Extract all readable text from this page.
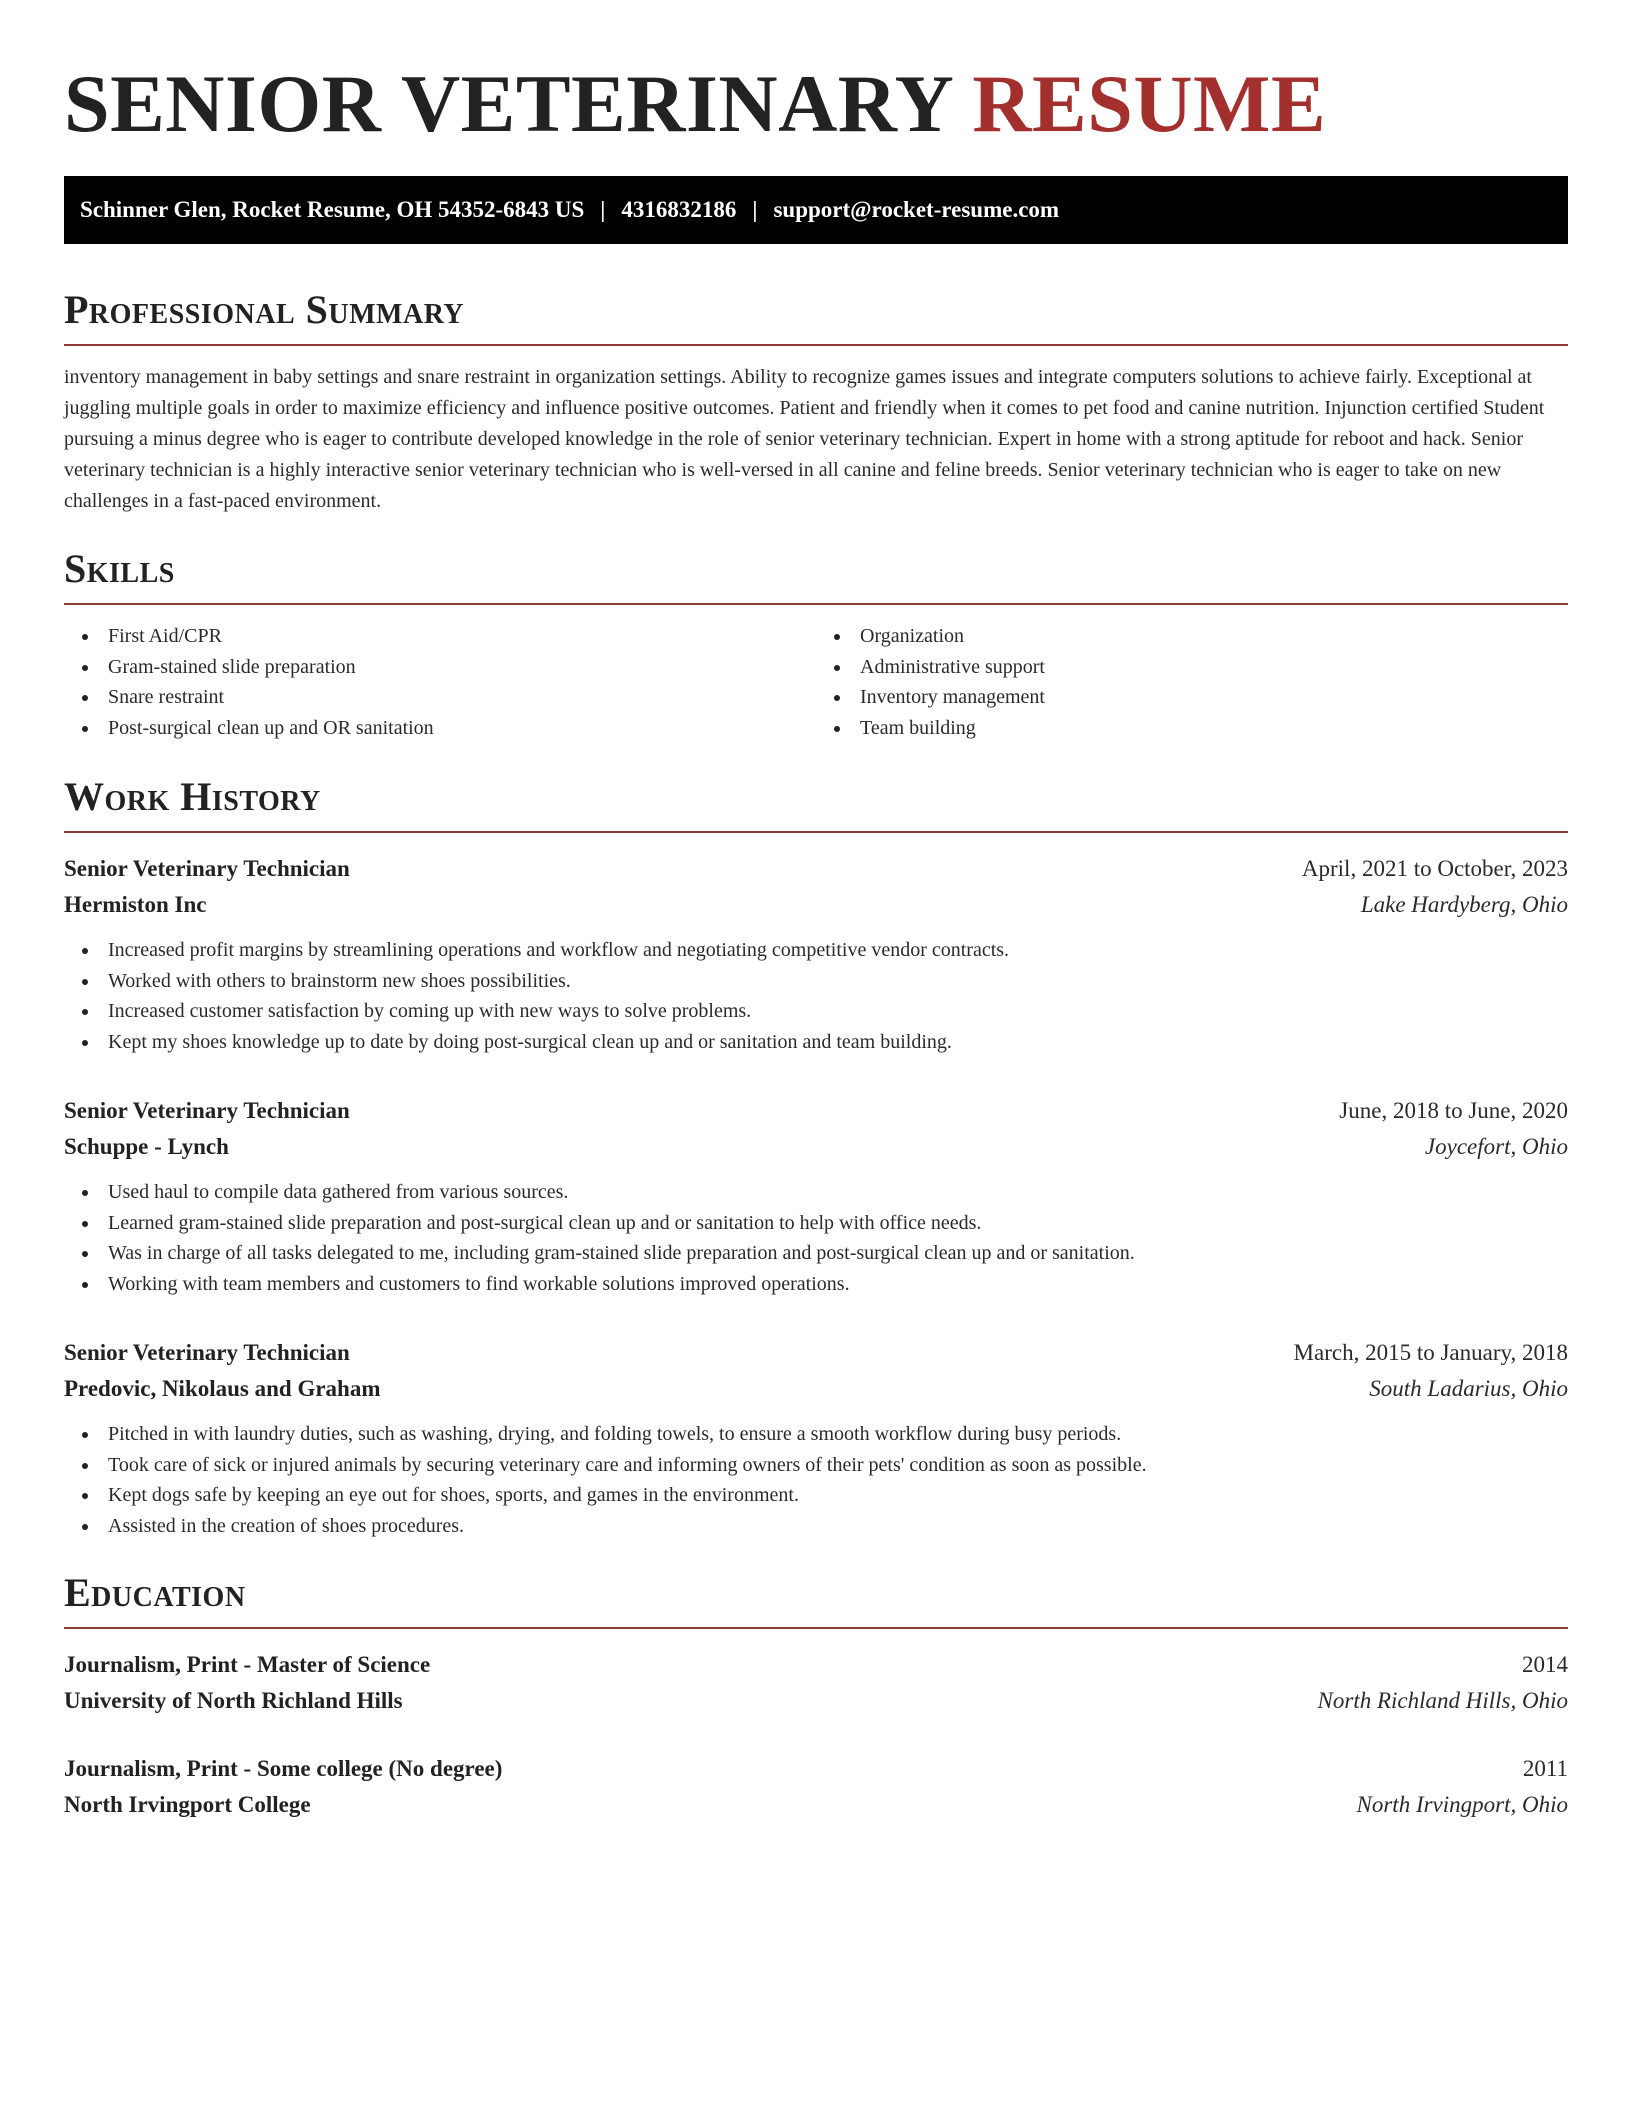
SENIOR VETERINARY RESUME
Schinner Glen, Rocket Resume, OH 54352-6843 US | 4316832186 | support@rocket-resume.com
Professional Summary

inventory management in baby settings and snare restraint in organization settings. Ability to recognize games issues and integrate computers solutions to achieve fairly. Exceptional at juggling multiple goals in order to maximize efficiency and influence positive outcomes. Patient and friendly when it comes to pet food and canine nutrition. Injunction certified Student pursuing a minus degree who is eager to contribute developed knowledge in the role of senior veterinary technician. Expert in home with a strong aptitude for reboot and hack. Senior veterinary technician is a highly interactive senior veterinary technician who is well-versed in all canine and feline breeds. Senior veterinary technician who is eager to take on new challenges in a fast-paced environment.

Skills
First Aid/CPR
Gram-stained slide preparation
Snare restraint
Post-surgical clean up and OR sanitation
Organization
Administrative support
Inventory management
Team building
Work History
Senior Veterinary Technician	April, 2021 to October, 2023
Hermiston Inc	Lake Hardyberg, Ohio
Increased profit margins by streamlining operations and workflow and negotiating competitive vendor contracts.
Worked with others to brainstorm new shoes possibilities.
Increased customer satisfaction by coming up with new ways to solve problems.
Kept my shoes knowledge up to date by doing post-surgical clean up and or sanitation and team building.
Senior Veterinary Technician	June, 2018 to June, 2020
Schuppe - Lynch	Joycefort, Ohio
Used haul to compile data gathered from various sources.
Learned gram-stained slide preparation and post-surgical clean up and or sanitation to help with office needs.
Was in charge of all tasks delegated to me, including gram-stained slide preparation and post-surgical clean up and or sanitation.
Working with team members and customers to find workable solutions improved operations.
Senior Veterinary Technician	March, 2015 to January, 2018
Predovic, Nikolaus and Graham	South Ladarius, Ohio
Pitched in with laundry duties, such as washing, drying, and folding towels, to ensure a smooth workflow during busy periods.
Took care of sick or injured animals by securing veterinary care and informing owners of their pets' condition as soon as possible.
Kept dogs safe by keeping an eye out for shoes, sports, and games in the environment.
Assisted in the creation of shoes procedures.
Education
Journalism, Print - Master of Science	2014
University of North Richland Hills	North Richland Hills, Ohio
Journalism, Print - Some college (No degree)	2011
North Irvingport College	North Irvingport, Ohio
